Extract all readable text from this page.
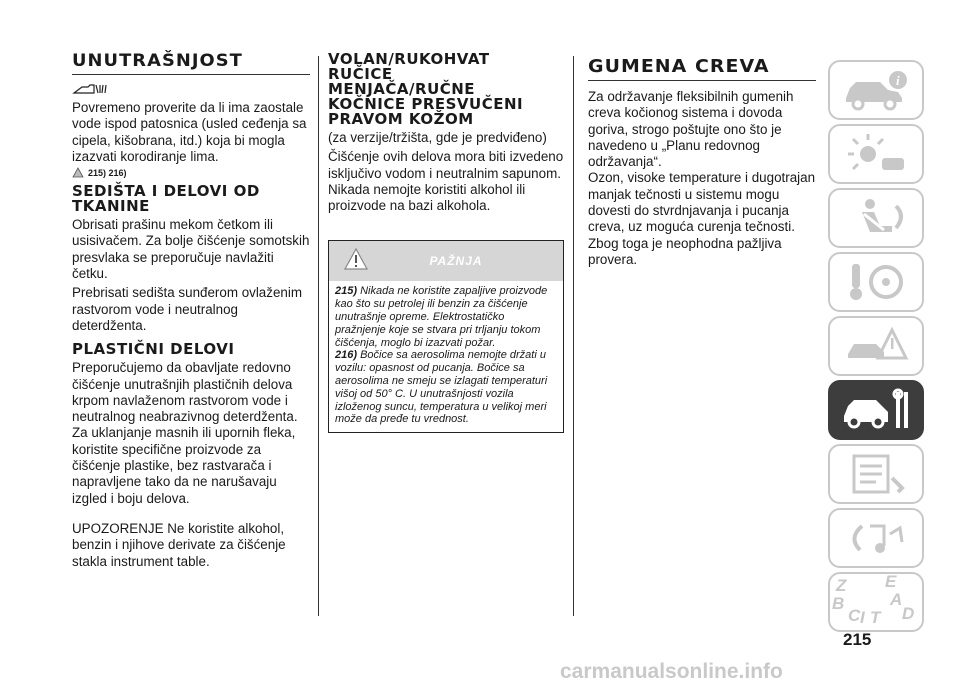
UNUTRAŠNJOST

Povremeno proverite da li ima zaostale vode ispod patosnica (usled ceđenja sa cipela, kišobrana, itd.) koja bi mogla izazvati korodiranje lima.

215) 216)
SEDIŠTA I DELOVI OD TKANINE

Obrisati prašinu mekom četkom ili usisivačem. Za bolje čišćenje somotskih presvlaka se preporučuje navlažiti četku.

Prebrisati sedišta sunđerom ovlaženim rastvorom vode i neutralnog deterdženta.

PLASTIČNI DELOVI

Preporučujemo da obavljate redovno čišćenje unutrašnjih plastičnih delova krpom navlaženom rastvorom vode i neutralnog neabrazivnog deterdženta. Za uklanjanje masnih ili upornih fleka, koristite specifične proizvode za čišćenje plastike, bez rastvarača i napravljene tako da ne narušavaju izgled i boju delova.

UPOZORENJE Ne koristite alkohol, benzin i njihove derivate za čišćenje stakla instrument table.

VOLAN/RUKOHVAT
RUČICE
MENJAČA/RUČNE
KOČNICE PRESVUČENI
PRAVOM KOŽOM

(za verzije/tržišta, gde je predviđeno)

Čišćenje ovih delova mora biti izvedeno isključivo vodom i neutralnim sapunom. Nikada nemojte koristiti alkohol ili proizvode na bazi alkohola.

PAŽNJA
215) Nikada ne koristite zapaljive proizvode kao što su petrolej ili benzin za čišćenje unutrašnje opreme. Elektrostatičko pražnjenje koje se stvara pri trljanju tokom čišćenja, moglo bi izazvati požar.
216) Bočice sa aerosolima nemojte držati u vozilu: opasnost od pucanja. Bočice sa aerosolima ne smeju se izlagati temperaturi višoj od 50° C. U unutrašnjosti vozila izloženog suncu, temperatura u velikoj meri može da pređe tu vrednost.
GUMENA CREVA

Za održavanje fleksibilnih gumenih creva kočionog sistema i dovoda goriva, strogo poštujte ono što je navedeno u „Planu redovnog održavanja“.

Ozon, visoke temperature i dugotrajan manjak tečnosti u sistemu mogu dovesti do stvrdnjavanja i pucanja creva, uz moguća curenja tečnosti. Zbog toga je neophodna pažljiva provera.

i
Z E
B	A
C D
T
I
215
carmanualsonline.info
